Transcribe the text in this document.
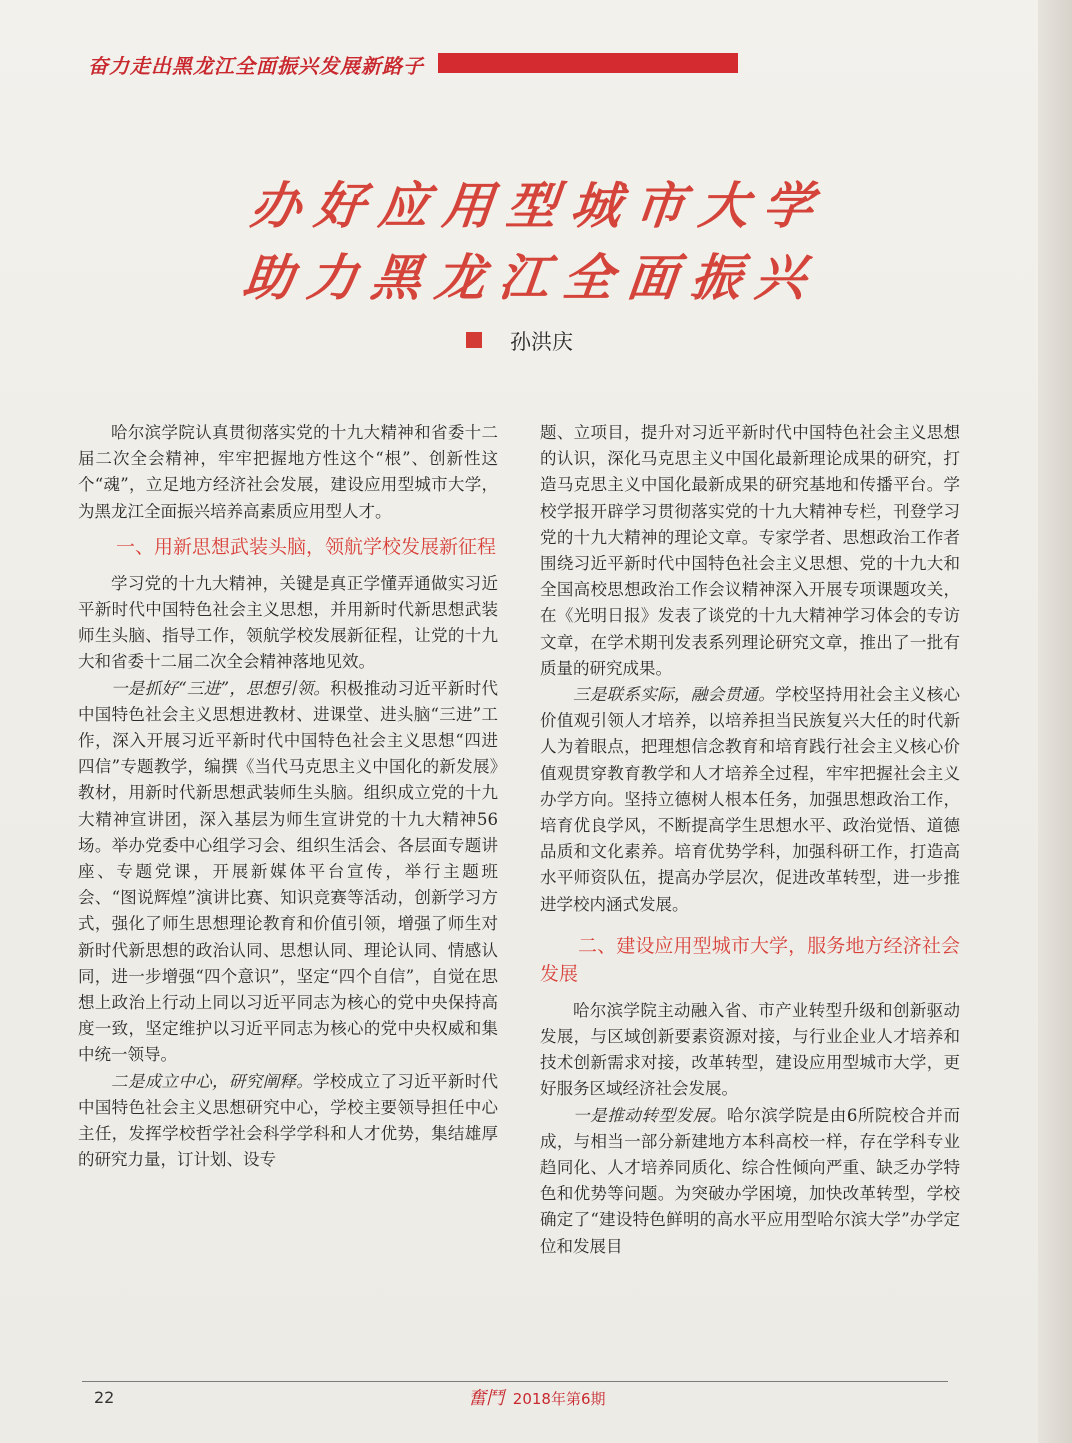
奋力走出黑龙江全面振兴发展新路子
办好应用型城市大学
助力黑龙江全面振兴
孙洪庆

哈尔滨学院认真贯彻落实党的十九大精神和省委十二届二次全会精神，牢牢把握地方性这个“根”、创新性这个“魂”，立足地方经济社会发展，建设应用型城市大学，为黑龙江全面振兴培养高素质应用型人才。

一、用新思想武装头脑，领航学校发展新征程

学习党的十九大精神，关键是真正学懂弄通做实习近平新时代中国特色社会主义思想，并用新时代新思想武装师生头脑、指导工作，领航学校发展新征程，让党的十九大和省委十二届二次全会精神落地见效。

一是抓好“三进”，思想引领。积极推动习近平新时代中国特色社会主义思想进教材、进课堂、进头脑“三进”工作，深入开展习近平新时代中国特色社会主义思想“四进四信”专题教学，编撰《当代马克思主义中国化的新发展》教材，用新时代新思想武装师生头脑。组织成立党的十九大精神宣讲团，深入基层为师生宣讲党的十九大精神56场。举办党委中心组学习会、组织生活会、各层面专题讲座、专题党课，开展新媒体平台宣传，举行主题班会、“图说辉煌”演讲比赛、知识竞赛等活动，创新学习方式，强化了师生思想理论教育和价值引领，增强了师生对新时代新思想的政治认同、思想认同、理论认同、情感认同，进一步增强“四个意识”，坚定“四个自信”，自觉在思想上政治上行动上同以习近平同志为核心的党中央保持高度一致，坚定维护以习近平同志为核心的党中央权威和集中统一领导。

二是成立中心，研究阐释。学校成立了习近平新时代中国特色社会主义思想研究中心，学校主要领导担任中心主任，发挥学校哲学社会科学学科和人才优势，集结雄厚的研究力量，订计划、设专

题、立项目，提升对习近平新时代中国特色社会主义思想的认识，深化马克思主义中国化最新理论成果的研究，打造马克思主义中国化最新成果的研究基地和传播平台。学校学报开辟学习贯彻落实党的十九大精神专栏，刊登学习党的十九大精神的理论文章。专家学者、思想政治工作者围绕习近平新时代中国特色社会主义思想、党的十九大和全国高校思想政治工作会议精神深入开展专项课题攻关，在《光明日报》发表了谈党的十九大精神学习体会的专访文章，在学术期刊发表系列理论研究文章，推出了一批有质量的研究成果。

三是联系实际，融会贯通。学校坚持用社会主义核心价值观引领人才培养，以培养担当民族复兴大任的时代新人为着眼点，把理想信念教育和培育践行社会主义核心价值观贯穿教育教学和人才培养全过程，牢牢把握社会主义办学方向。坚持立德树人根本任务，加强思想政治工作，培育优良学风，不断提高学生思想水平、政治觉悟、道德品质和文化素养。培育优势学科，加强科研工作，打造高水平师资队伍，提高办学层次，促进改革转型，进一步推进学校内涵式发展。

二、建设应用型城市大学，服务地方经济社会发展

哈尔滨学院主动融入省、市产业转型升级和创新驱动发展，与区域创新要素资源对接，与行业企业人才培养和技术创新需求对接，改革转型，建设应用型城市大学，更好服务区域经济社会发展。

一是推动转型发展。哈尔滨学院是由6所院校合并而成，与相当一部分新建地方本科高校一样，存在学科专业趋同化、人才培养同质化、综合性倾向严重、缺乏办学特色和优势等问题。为突破办学困境，加快改革转型，学校确定了“建设特色鲜明的高水平应用型哈尔滨大学”办学定位和发展目

22	奮鬥 2018年第6期
